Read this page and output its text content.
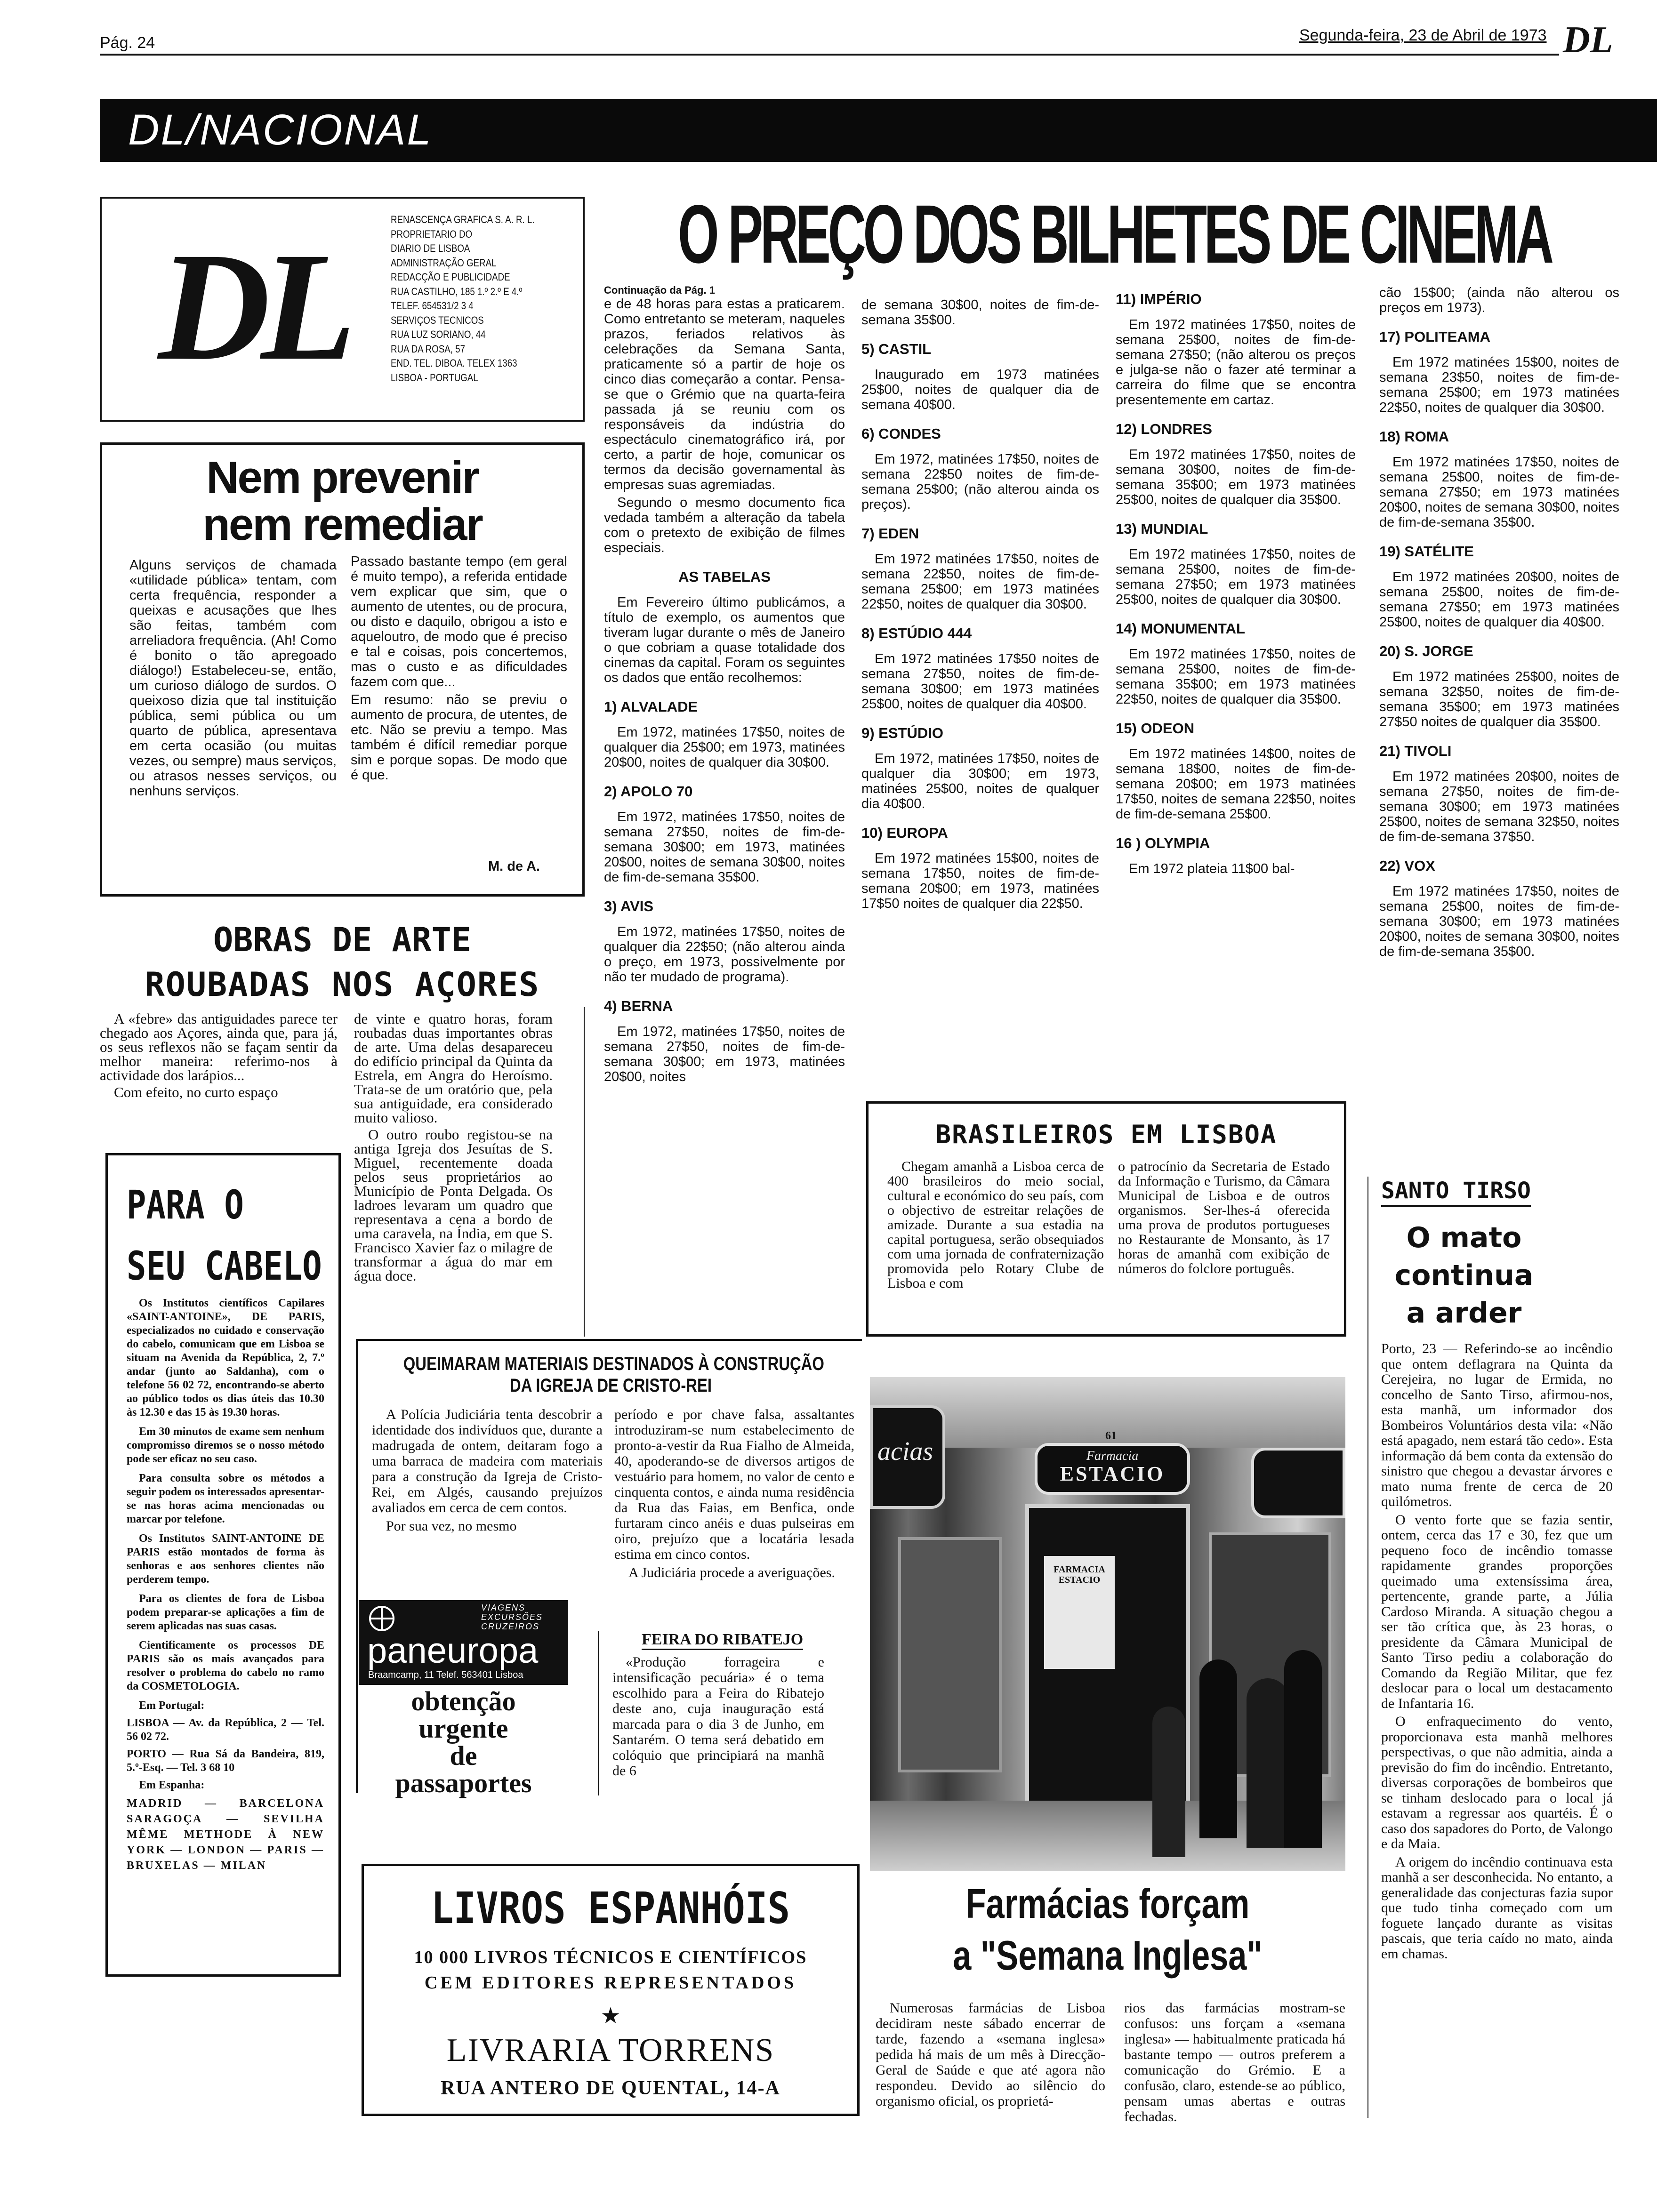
Pág. 24	Segunda-feira, 23 de Abril de 1973 DL
DL/NACIONAL
DL
RENASCENÇA GRAFICA S. A. R. L.
PROPRIETARIO DO
DIARIO DE LISBOA
ADMINISTRAÇÃO GERAL
REDACÇÃO E PUBLICIDADE
RUA CASTILHO, 185 1.º 2.º E 4.º
TELEF. 654531/2 3 4
SERVIÇOS TECNICOS
RUA LUZ SORIANO, 44
RUA DA ROSA, 57
END. TEL. DIBOA. TELEX 1363
LISBOA - PORTUGAL
Nem prevenir
nem remediar
Alguns serviços de chamada «utilidade pública» tentam, com certa frequência, responder a queixas e acusações que lhes são feitas, também com arreliadora frequência. (Ah! Como é bonito o tão apregoado diálogo!) Estabeleceu-se, então, um curioso diálogo de surdos. O queixoso dizia que tal instituição pública, semi pública ou um quarto de pública, apresentava em certa ocasião (ou muitas vezes, ou sempre) maus serviços, ou atrasos nesses serviços, ou nenhuns serviços.

Passado bastante tempo (em geral é muito tempo), a referida entidade vem explicar que sim, que o aumento de utentes, ou de procura, ou disto e daquilo, obrigou a isto e aqueloutro, de modo que é preciso e tal e coisas, pois concertemos, mas o custo e as dificuldades fazem com que...

Em resumo: não se previu o aumento de procura, de utentes, de etc. Não se previu a tempo. Mas também é difícil remediar porque sim e porque sopas. De modo que é que.

M. de A.
OBRAS DE ARTE
ROUBADAS NOS AÇORES

A «febre» das antiguidades parece ter chegado aos Açores, ainda que, para já, os seus reflexos não se façam sentir da melhor maneira: referimo-nos à actividade dos larápios...

Com efeito, no curto espaço

de vinte e quatro horas, foram roubadas duas importantes obras de arte. Uma delas desapareceu do edifício principal da Quinta da Estrela, em Angra do Heroísmo. Trata-se de um oratório que, pela sua antiguidade, era considerado muito valioso.

O outro roubo registou-se na antiga Igreja dos Jesuítas de S. Miguel, recentemente doada pelos seus proprietários ao Município de Ponta Delgada. Os ladroes levaram um quadro que representava a cena a bordo de uma caravela, na Índia, em que S. Francisco Xavier faz o milagre de transformar a água do mar em água doce.

PARA O
SEU CABELO

Os Institutos científicos Capilares «SAINT-ANTOINE», DE PARIS, especializados no cuidado e conservação do cabelo, comunicam que em Lisboa se situam na Avenida da República, 2, 7.º andar (junto ao Saldanha), com o telefone 56 02 72, encontrando-se aberto ao público todos os dias úteis das 10.30 às 12.30 e das 15 às 19.30 horas.

Em 30 minutos de exame sem nenhum compromisso diremos se o nosso método pode ser eficaz no seu caso.

Para consulta sobre os métodos a seguir podem os interessados apresentar-se nas horas acima mencionadas ou marcar por telefone.

Os Institutos SAINT-ANTOINE DE PARIS estão montados de forma às senhoras e aos senhores clientes não perderem tempo.

Para os clientes de fora de Lisboa podem preparar-se aplicações a fim de serem aplicadas nas suas casas.

Cientificamente os processos DE PARIS são os mais avançados para resolver o problema do cabelo no ramo da COSMETOLOGIA.

Em Portugal:

LISBOA — Av. da República, 2 — Tel. 56 02 72.

PORTO — Rua Sá da Bandeira, 819, 5.º-Esq. — Tel. 3 68 10

Em Espanha:

MADRID — BARCELONA SARAGOÇA — SEVILHA MÊME METHODE À NEW YORK — LONDON — PARIS — BRUXELAS — MILAN

O PREÇO DOS BILHETES DE CINEMA
Continuação da Pág. 1

e de 48 horas para estas a praticarem. Como entretanto se meteram, naqueles prazos, feriados relativos às celebrações da Semana Santa, praticamente só a partir de hoje os cinco dias começarão a contar. Pensa-se que o Grémio que na quarta-feira passada já se reuniu com os responsáveis da indústria do espectáculo cinematográfico irá, por certo, a partir de hoje, comunicar os termos da decisão governamental às empresas suas agremiadas.

Segundo o mesmo documento fica vedada também a alteração da tabela com o pretexto de exibição de filmes especiais.

AS TABELAS

Em Fevereiro último publicámos, a título de exemplo, os aumentos que tiveram lugar durante o mês de Janeiro o que cobriam a quase totalidade dos cinemas da capital. Foram os seguintes os dados que então recolhemos:

1) ALVALADE

Em 1972, matinées 17$50, noites de qualquer dia 25$00; em 1973, matinées 20$00, noites de qualquer dia 30$00.

2) APOLO 70

Em 1972, matinées 17$50, noites de semana 27$50, noites de fim-de-semana 30$00; em 1973, matinées 20$00, noites de semana 30$00, noites de fim-de-semana 35$00.

3) AVIS

Em 1972, matinées 17$50, noites de qualquer dia 22$50; (não alterou ainda o preço, em 1973, possivelmente por não ter mudado de programa).

4) BERNA

Em 1972, matinées 17$50, noites de semana 27$50, noites de fim-de-semana 30$00; em 1973, matinées 20$00, noites

de semana 30$00, noites de fim-de-semana 35$00.

5) CASTIL

Inaugurado em 1973 matinées 25$00, noites de qualquer dia de semana 40$00.

6) CONDES

Em 1972, matinées 17$50, noites de semana 22$50 noites de fim-de-semana 25$00; (não alterou ainda os preços).

7) EDEN

Em 1972 matinées 17$50, noites de semana 22$50, noites de fim-de-semana 25$00; em 1973 matinées 22$50, noites de qualquer dia 30$00.

8) ESTÚDIO 444

Em 1972 matinées 17$50 noites de semana 27$50, noites de fim-de-semana 30$00; em 1973 matinées 25$00, noites de qualquer dia 40$00.

9) ESTÚDIO

Em 1972, matinées 17$50, noites de qualquer dia 30$00; em 1973, matinées 25$00, noites de qualquer dia 40$00.

10) EUROPA

Em 1972 matinées 15$00, noites de semana 17$50, noites de fim-de-semana 20$00; em 1973, matinées 17$50 noites de qualquer dia 22$50.

11) IMPÉRIO

Em 1972 matinées 17$50, noites de semana 25$00, noites de fim-de-semana 27$50; (não alterou os preços e julga-se não o fazer até terminar a carreira do filme que se encontra presentemente em cartaz.

12) LONDRES

Em 1972 matinées 17$50, noites de semana 30$00, noites de fim-de-semana 35$00; em 1973 matinées 25$00, noites de qualquer dia 35$00.

13) MUNDIAL

Em 1972 matinées 17$50, noites de semana 25$00, noites de fim-de-semana 27$50; em 1973 matinées 25$00, noites de qualquer dia 30$00.

14) MONUMENTAL

Em 1972 matinées 17$50, noites de semana 25$00, noites de fim-de-semana 35$00; em 1973 matinées 22$50, noites de qualquer dia 35$00.

15) ODEON

Em 1972 matinées 14$00, noites de semana 18$00, noites de fim-de-semana 20$00; em 1973 matinées 17$50, noites de semana 22$50, noites de fim-de-semana 25$00.

16 ) OLYMPIA

Em 1972 plateia 11$00 bal-

cão 15$00; (ainda não alterou os preços em 1973).

17) POLITEAMA

Em 1972 matinées 15$00, noites de semana 23$50, noites de fim-de-semana 25$00; em 1973 matinées 22$50, noites de qualquer dia 30$00.

18) ROMA

Em 1972 matinées 17$50, noites de semana 25$00, noites de fim-de-semana 27$50; em 1973 matinées 20$00, noites de semana 30$00, noites de fim-de-semana 35$00.

19) SATÉLITE

Em 1972 matinées 20$00, noites de semana 25$00, noites de fim-de-semana 27$50; em 1973 matinées 25$00, noites de qualquer dia 40$00.

20) S. JORGE

Em 1972 matinées 25$00, noites de semana 32$50, noites de fim-de-semana 35$00; em 1973 matinées 27$50 noites de qualquer dia 35$00.

21) TIVOLI

Em 1972 matinées 20$00, noites de semana 27$50, noites de fim-de-semana 30$00; em 1973 matinées 25$00, noites de semana 32$50, noites de fim-de-semana 37$50.

22) VOX

Em 1972 matinées 17$50, noites de semana 25$00, noites de fim-de-semana 30$00; em 1973 matinées 20$00, noites de semana 30$00, noites de fim-de-semana 35$00.

BRASILEIROS EM LISBOA
Chegam amanhã a Lisboa cerca de 400 brasileiros do meio social, cultural e económico do seu país, com o objectivo de estreitar relações de amizade. Durante a sua estadia na capital portuguesa, serão obsequiados com uma jornada de confraternização promovida pelo Rotary Clube de Lisboa e com
o patrocínio da Secretaria de Estado da Informação e Turismo, da Câmara Municipal de Lisboa e de outros organismos. Ser-lhes-á oferecida uma prova de produtos portugueses no Restaurante de Monsanto, às 17 horas de amanhã com exibição de números do folclore português.
QUEIMARAM MATERIAIS DESTINADOS À CONSTRUÇÃO
DA IGREJA DE CRISTO-REI

A Polícia Judiciária tenta descobrir a identidade dos indivíduos que, durante a madrugada de ontem, deitaram fogo a uma barraca de madeira com materiais para a construção da Igreja de Cristo-Rei, em Algés, causando prejuízos avaliados em cerca de cem contos.

Por sua vez, no mesmo

período e por chave falsa, assaltantes introduziram-se num estabelecimento de pronto-a-vestir da Rua Fialho de Almeida, 40, apoderando-se de diversos artigos de vestuário para homem, no valor de cento e cinquenta contos, e ainda numa residência da Rua das Faias, em Benfica, onde furtaram cinco anéis e duas pulseiras em oiro, prejuízo que a locatária lesada estima em cinco contos.

A Judiciária procede a averiguações.

VIAGENS
EXCURSÕES
CRUZEIROS
paneuropa
Braamcamp, 11 Telef. 563401 Lisboa
obtenção
urgente
de
passaportes
FEIRA DO RIBATEJO
«Produção forrageira e intensificação pecuária» é o tema escolhido para a Feira do Ribatejo deste ano, cuja inauguração está marcada para o dia 3 de Junho, em Santarém. O tema será debatido em colóquio que principiará na manhã de 6
LIVROS ESPANHÓIS
10 000 LIVROS TÉCNICOS E CIENTÍFICOS
CEM EDITORES REPRESENTADOS
★
LIVRARIA TORRENS
RUA ANTERO DE QUENTAL, 14-A
acias	Farmacia
ESTACIO
61
FARMACIA ESTACIO
Farmácias forçam
a "Semana Inglesa"
Numerosas farmácias de Lisboa decidiram neste sábado encerrar de tarde, fazendo a «semana inglesa» pedida há mais de um mês à Direcção-Geral de Saúde e que até agora não respondeu. Devido ao silêncio do organismo oficial, os proprietá-
rios das farmácias mostram-se confusos: uns forçam a «semana inglesa» — habitualmente praticada há bastante tempo — outros preferem a comunicação do Grémio. E a confusão, claro, estende-se ao público, pensam umas abertas e outras fechadas.
SANTO TIRSO
O mato
continua
a arder

Porto, 23 — Referindo-se ao incêndio que ontem deflagrara na Quinta da Cerejeira, no lugar de Ermida, no concelho de Santo Tirso, afirmou-nos, esta manhã, um informador dos Bombeiros Voluntários desta vila: «Não está apagado, nem estará tão cedo». Esta informação dá bem conta da extensão do sinistro que chegou a devastar árvores e mato numa frente de cerca de 20 quilómetros.

O vento forte que se fazia sentir, ontem, cerca das 17 e 30, fez que um pequeno foco de incêndio tomasse rapidamente grandes proporções queimado uma extensíssima área, pertencente, grande parte, a Júlia Cardoso Miranda. A situação chegou a ser tão crítica que, às 23 horas, o presidente da Câmara Municipal de Santo Tirso pediu a colaboração do Comando da Região Militar, que fez deslocar para o local um destacamento de Infantaria 16.

O enfraquecimento do vento, proporcionava esta manhã melhores perspectivas, o que não admitia, ainda a previsão do fim do incêndio. Entretanto, diversas corporações de bombeiros que se tinham deslocado para o local já estavam a regressar aos quartéis. É o caso dos sapadores do Porto, de Valongo e da Maia.

A origem do incêndio continuava esta manhã a ser desconhecida. No entanto, a generalidade das conjecturas fazia supor que tudo tinha começado com um foguete lançado durante as visitas pascais, que teria caído no mato, ainda em chamas.
